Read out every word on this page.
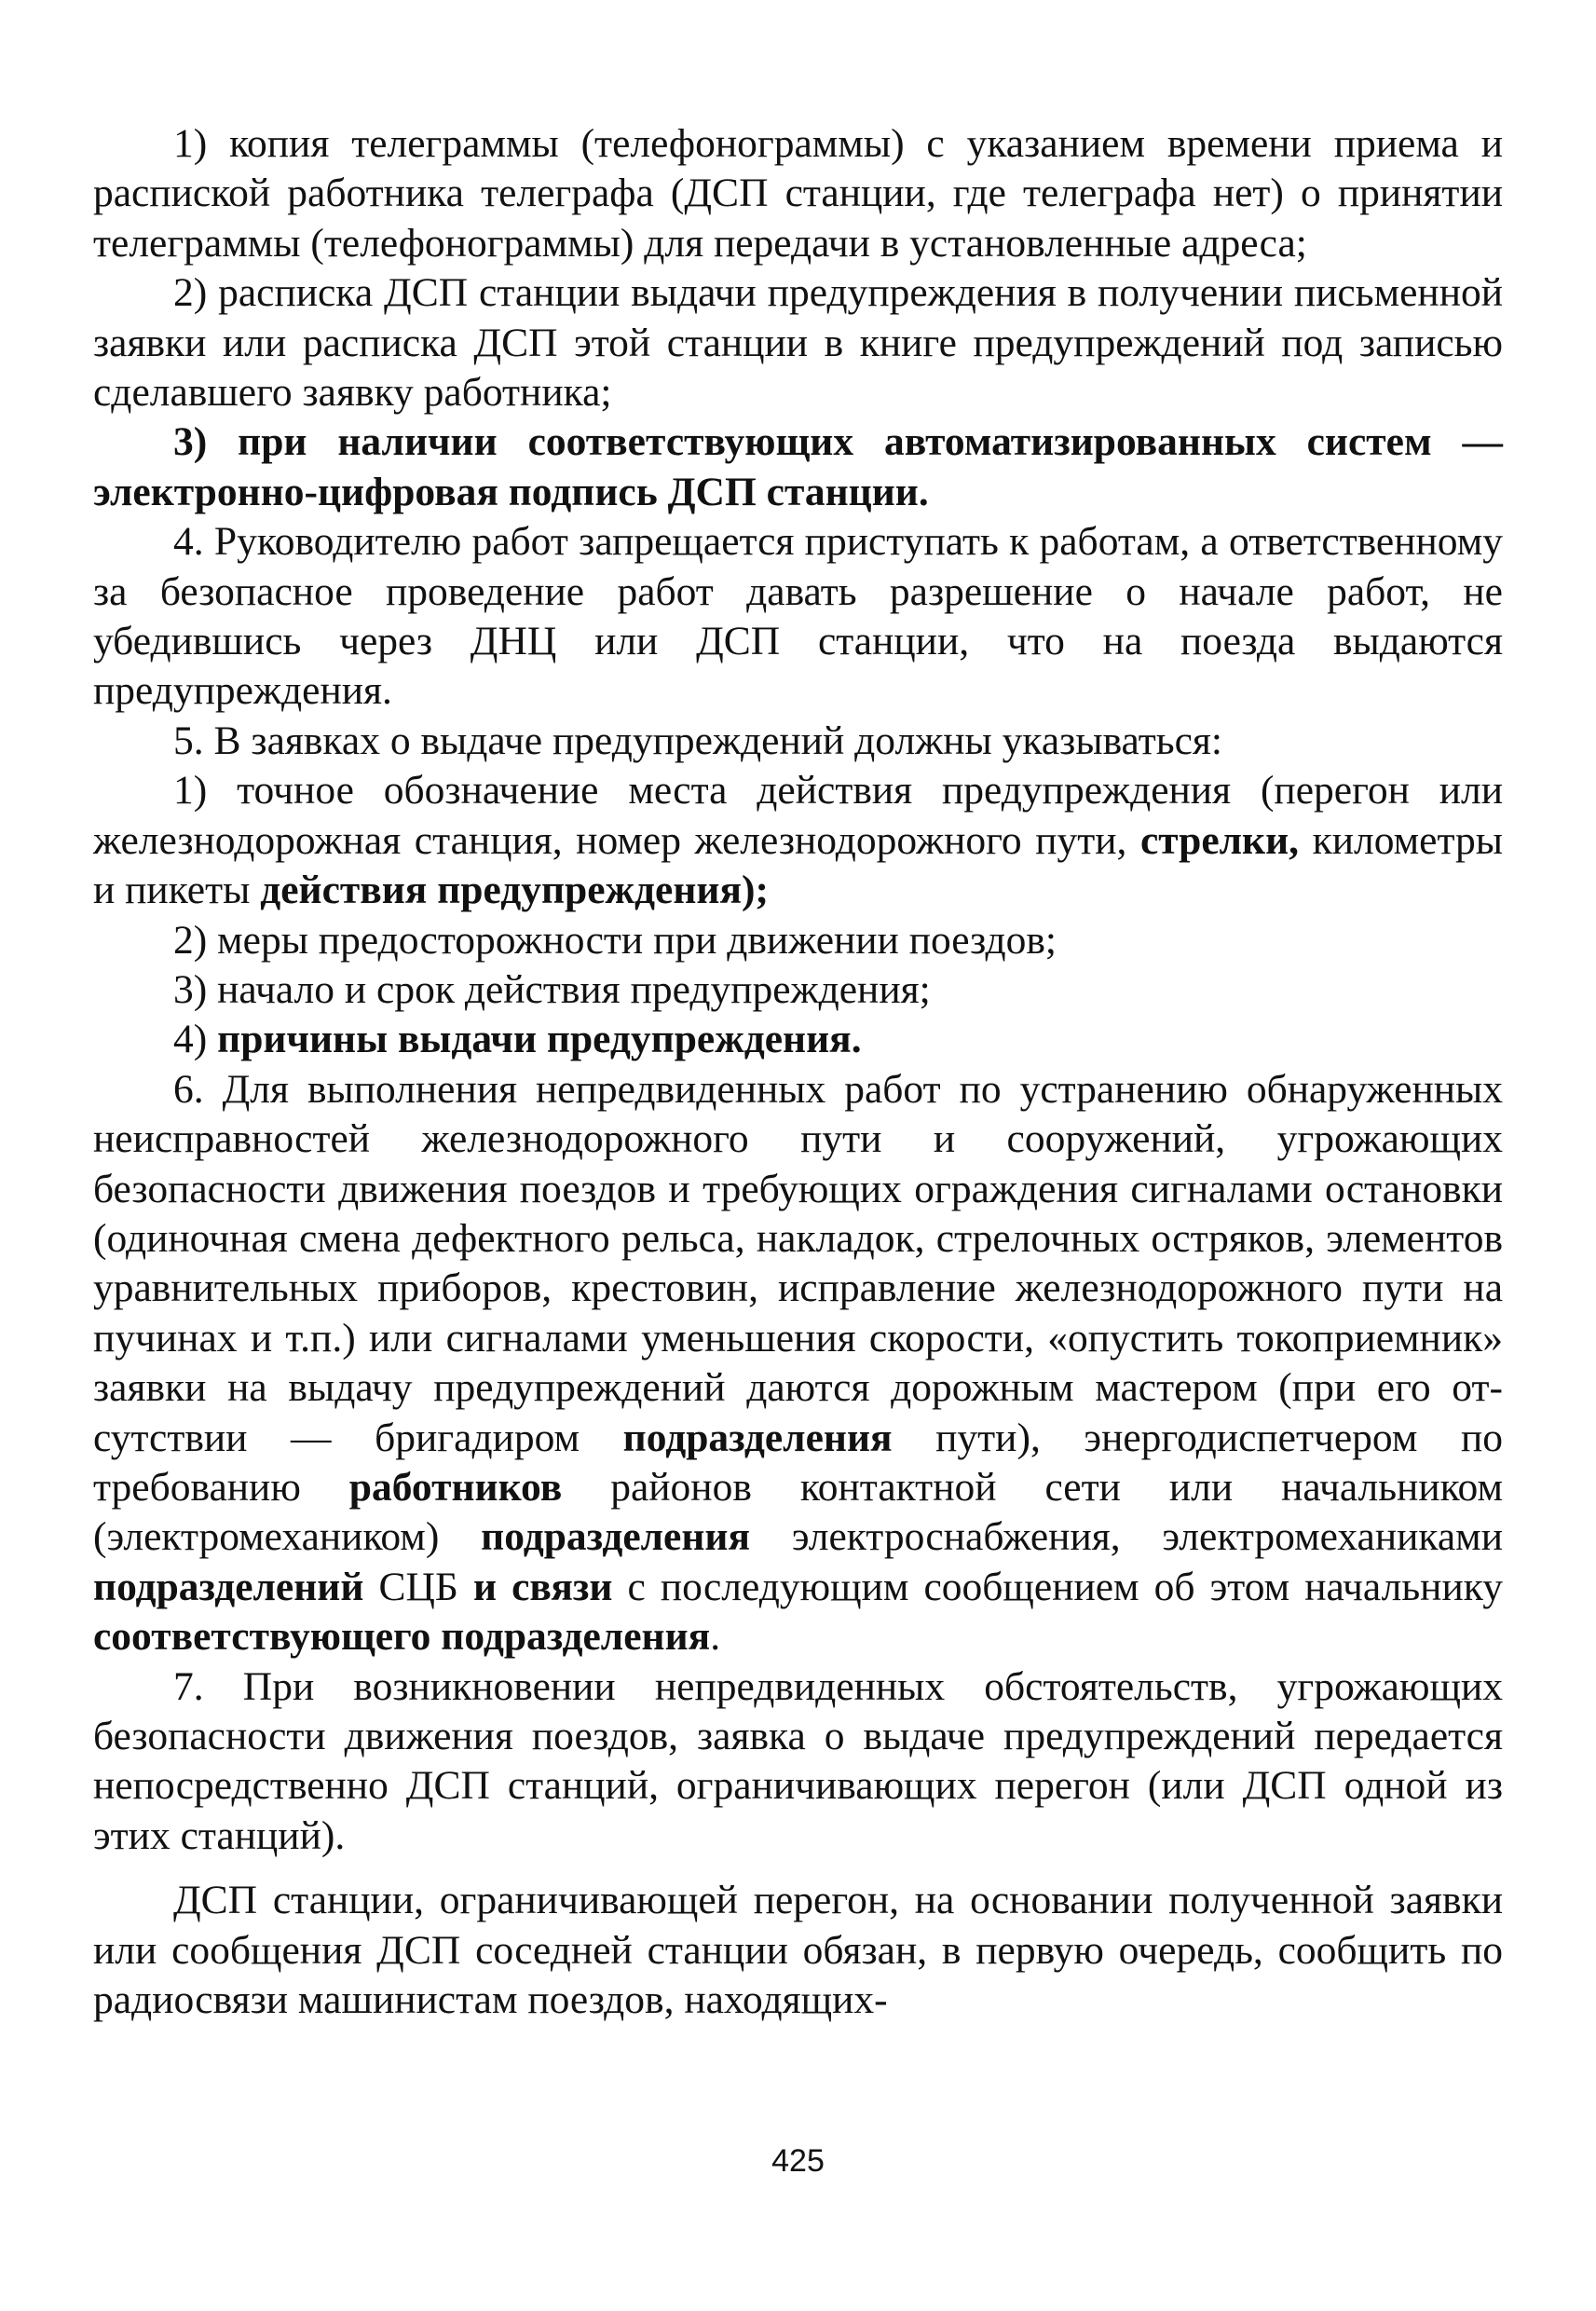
1) копия телеграммы (телефонограммы) с указанием времени приема и распиской работника телеграфа (ДСП станции, где телеграфа нет) о принятии телеграммы (телефонограммы) для передачи в установленные адреса;

2) расписка ДСП станции выдачи предупреждения в получении письменной заявки или расписка ДСП этой станции в книге предупреждений под записью сделавшего заявку работника;

3) при наличии соответствующих автоматизированных систем — электронно-цифровая подпись ДСП станции.

4. Руководителю работ запрещается приступать к работам, а ответственному за безопасное проведение работ давать разрешение о начале работ, не убедившись через ДНЦ или ДСП станции, что на поезда выдаются предупреждения.

5. В заявках о выдаче предупреждений должны указываться:

1) точное обозначение места действия предупреждения (перегон или железнодорожная станция, номер железнодорожного пути, стрелки, километры и пикеты действия предупреждения);

2) меры предосторожности при движении поездов;

3) начало и срок действия предупреждения;

4) причины выдачи предупреждения.

6. Для выполнения непредвиденных работ по устранению обнаруженных неисправностей железнодорожного пути и сооружений, угрожающих безопасности движения поездов и требующих ограждения сигналами остановки (одиночная смена дефектного рельса, накладок, стрелочных остряков, элементов уравнительных приборов, крестовин, исправление железнодорожного пути на пучинах и т.п.) или сигналами уменьшения скорости, «опустить токоприемник» заявки на выдачу предупреждений даются дорожным мастером (при его отсутствии — бригадиром подразделения пути), энергодиспетчером по требованию работников районов контактной сети или начальником (электромехаником) подразделения электроснабжения, электромеханиками подразделений СЦБ и связи с последующим сообщением об этом начальнику соответствующего подразделения.

7. При возникновении непредвиденных обстоятельств, угрожающих безопасности движения поездов, заявка о выдаче предупреждений передается непосредственно ДСП станций, ограничивающих перегон (или ДСП одной из этих станций).

ДСП станции, ограничивающей перегон, на основании полученной заявки или сообщения ДСП соседней станции обязан, в первую очередь, сообщить по радиосвязи машинистам поездов, находящих-

425
